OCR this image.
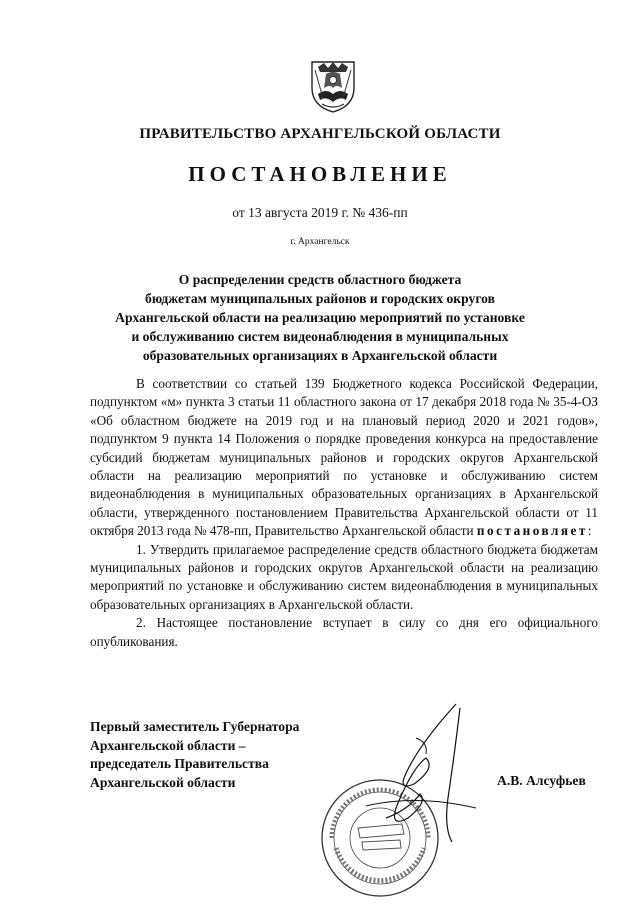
ПРАВИТЕЛЬСТВО АРХАНГЕЛЬСКОЙ ОБЛАСТИ
ПОСТАНОВЛЕНИЕ
от 13 августа 2019 г. № 436-пп
г. Архангельск
О распределении средств областного бюджета
бюджетам муниципальных районов и городских округов
Архангельской области на реализацию мероприятий по установке
и обслуживанию систем видеонаблюдения в муниципальных
образовательных организациях в Архангельской области

В соответствии со статьей 139 Бюджетного кодекса Российской Федерации, подпунктом «м» пункта 3 статьи 11 областного закона от 17 декабря 2018 года № 35-4-ОЗ «Об областном бюджете на 2019 год и на плановый период 2020 и 2021 годов», подпунктом 9 пункта 14 Положения о порядке проведения конкурса на предоставление субсидий бюджетам муниципальных районов и городских округов Архангельской области на реализацию мероприятий по установке и обслуживанию систем видеонаблюдения в муниципальных образовательных организациях в Архангельской области, утвержденного постановлением Правительства Архангельской области от 11 октября 2013 года № 478-пп, Правительство Архангельской области постановляет:

1. Утвердить прилагаемое распределение средств областного бюджета бюджетам муниципальных районов и городских округов Архангельской области на реализацию мероприятий по установке и обслуживанию систем видеонаблюдения в муниципальных образовательных организациях в Архангельской области.

2. Настоящее постановление вступает в силу со дня его официального опубликования.

Первый заместитель Губернатора
Архангельской области –
председатель Правительства
Архангельской области	А.В. Алсуфьев
